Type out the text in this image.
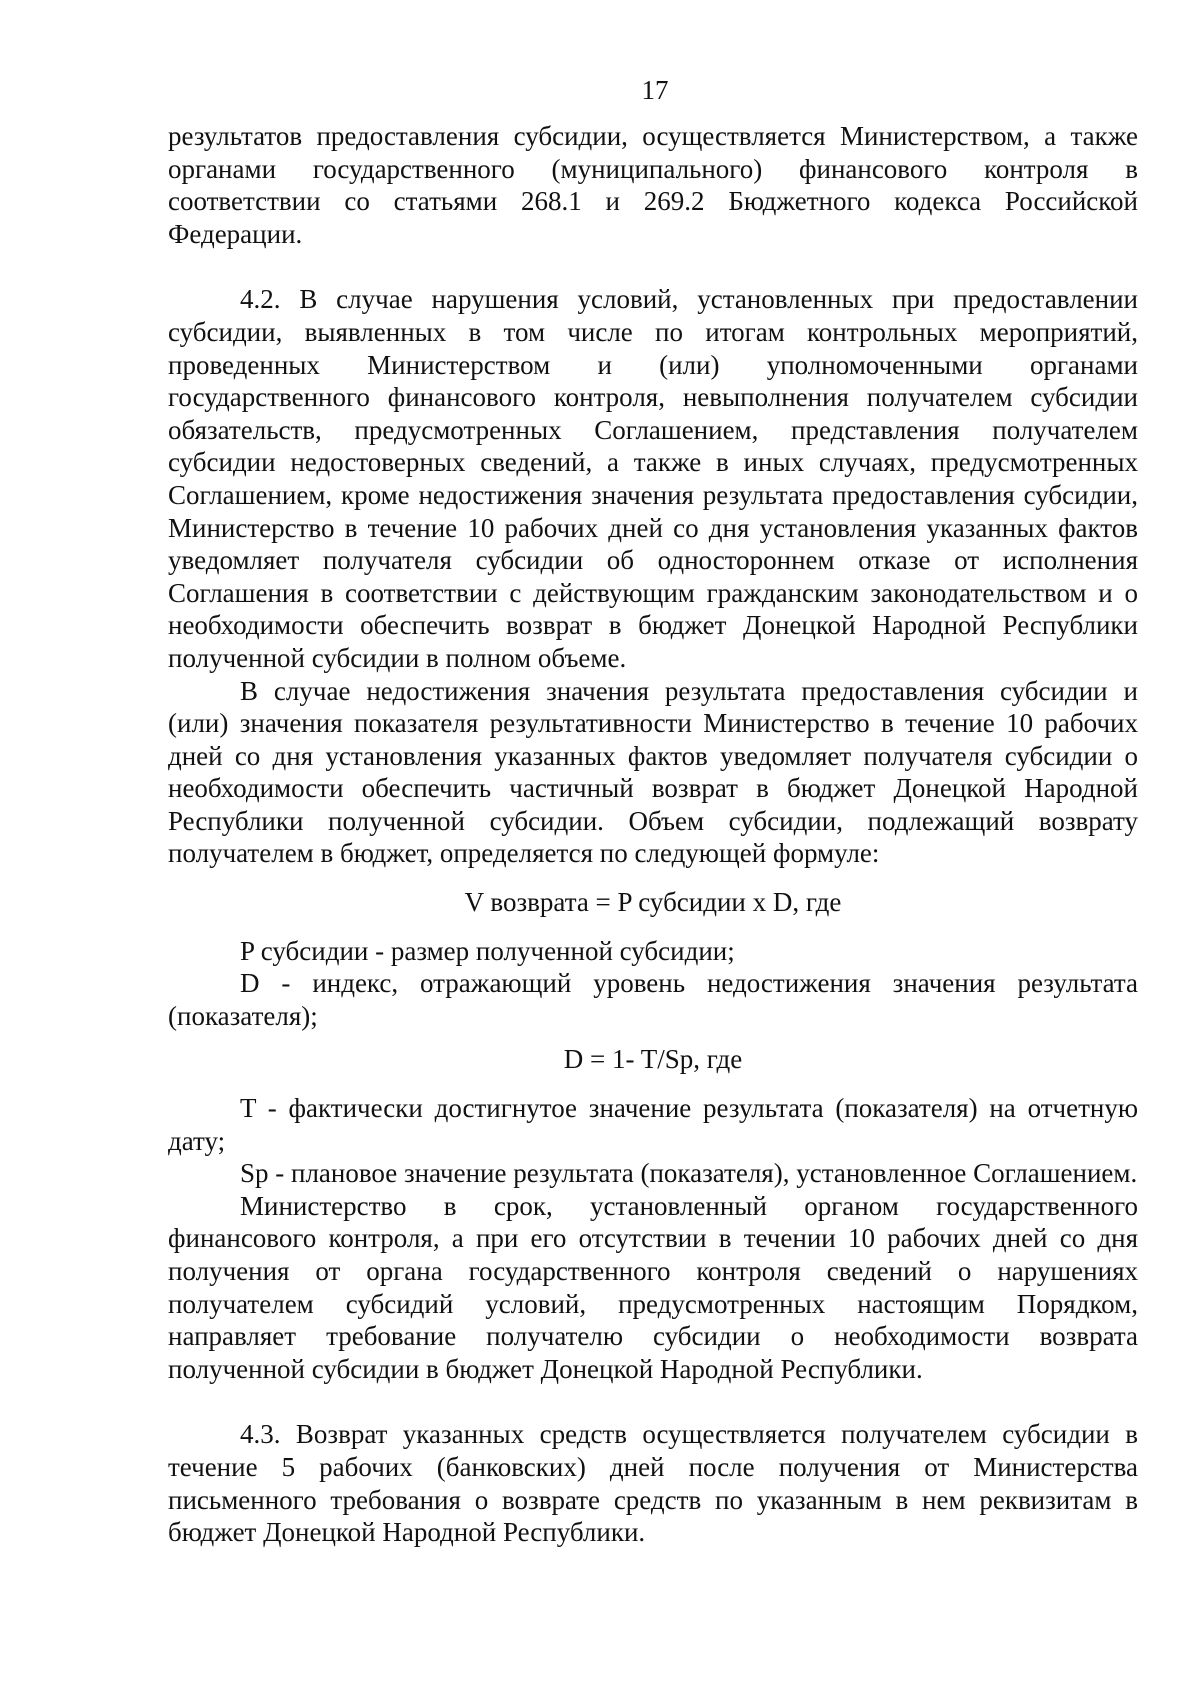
17

результатов предоставления субсидии, осуществляется Министерством, а также органами государственного (муниципального) финансового контроля в соответствии со статьями 268.1 и 269.2 Бюджетного кодекса Российской Федерации.

4.2. В случае нарушения условий, установленных при предоставлении субсидии, выявленных в том числе по итогам контрольных мероприятий, проведенных Министерством и (или) уполномоченными органами государственного финансового контроля, невыполнения получателем субсидии обязательств, предусмотренных Соглашением, представления получателем субсидии недостоверных сведений, а также в иных случаях, предусмотренных Соглашением, кроме недостижения значения результата предоставления субсидии, Министерство в течение 10 рабочих дней со дня установления указанных фактов уведомляет получателя субсидии об одностороннем отказе от исполнения Соглашения в соответствии с действующим гражданским законодательством и о необходимости обеспечить возврат в бюджет Донецкой Народной Республики полученной субсидии в полном объеме.

В случае недостижения значения результата предоставления субсидии и (или) значения показателя результативности Министерство в течение 10 рабочих дней со дня установления указанных фактов уведомляет получателя субсидии о необходимости обеспечить частичный возврат в бюджет Донецкой Народной Республики полученной субсидии. Объем субсидии, подлежащий возврату получателем в бюджет, определяется по следующей формуле:

V возврата = P субсидии x D, где

P субсидии - размер полученной субсидии;

D - индекс, отражающий уровень недостижения значения результата (показателя);

D = 1- T/Sp, где

T - фактически достигнутое значение результата (показателя) на отчетную дату;

Sp - плановое значение результата (показателя), установленное Соглашением.

Министерство в срок, установленный органом государственного финансового контроля, а при его отсутствии в течении 10 рабочих дней со дня получения от органа государственного контроля сведений о нарушениях получателем субсидий условий, предусмотренных настоящим Порядком, направляет требование получателю субсидии о необходимости возврата полученной субсидии в бюджет Донецкой Народной Республики.

4.3. Возврат указанных средств осуществляется получателем субсидии в течение 5 рабочих (банковских) дней после получения от Министерства письменного требования о возврате средств по указанным в нем реквизитам в бюджет Донецкой Народной Республики.
